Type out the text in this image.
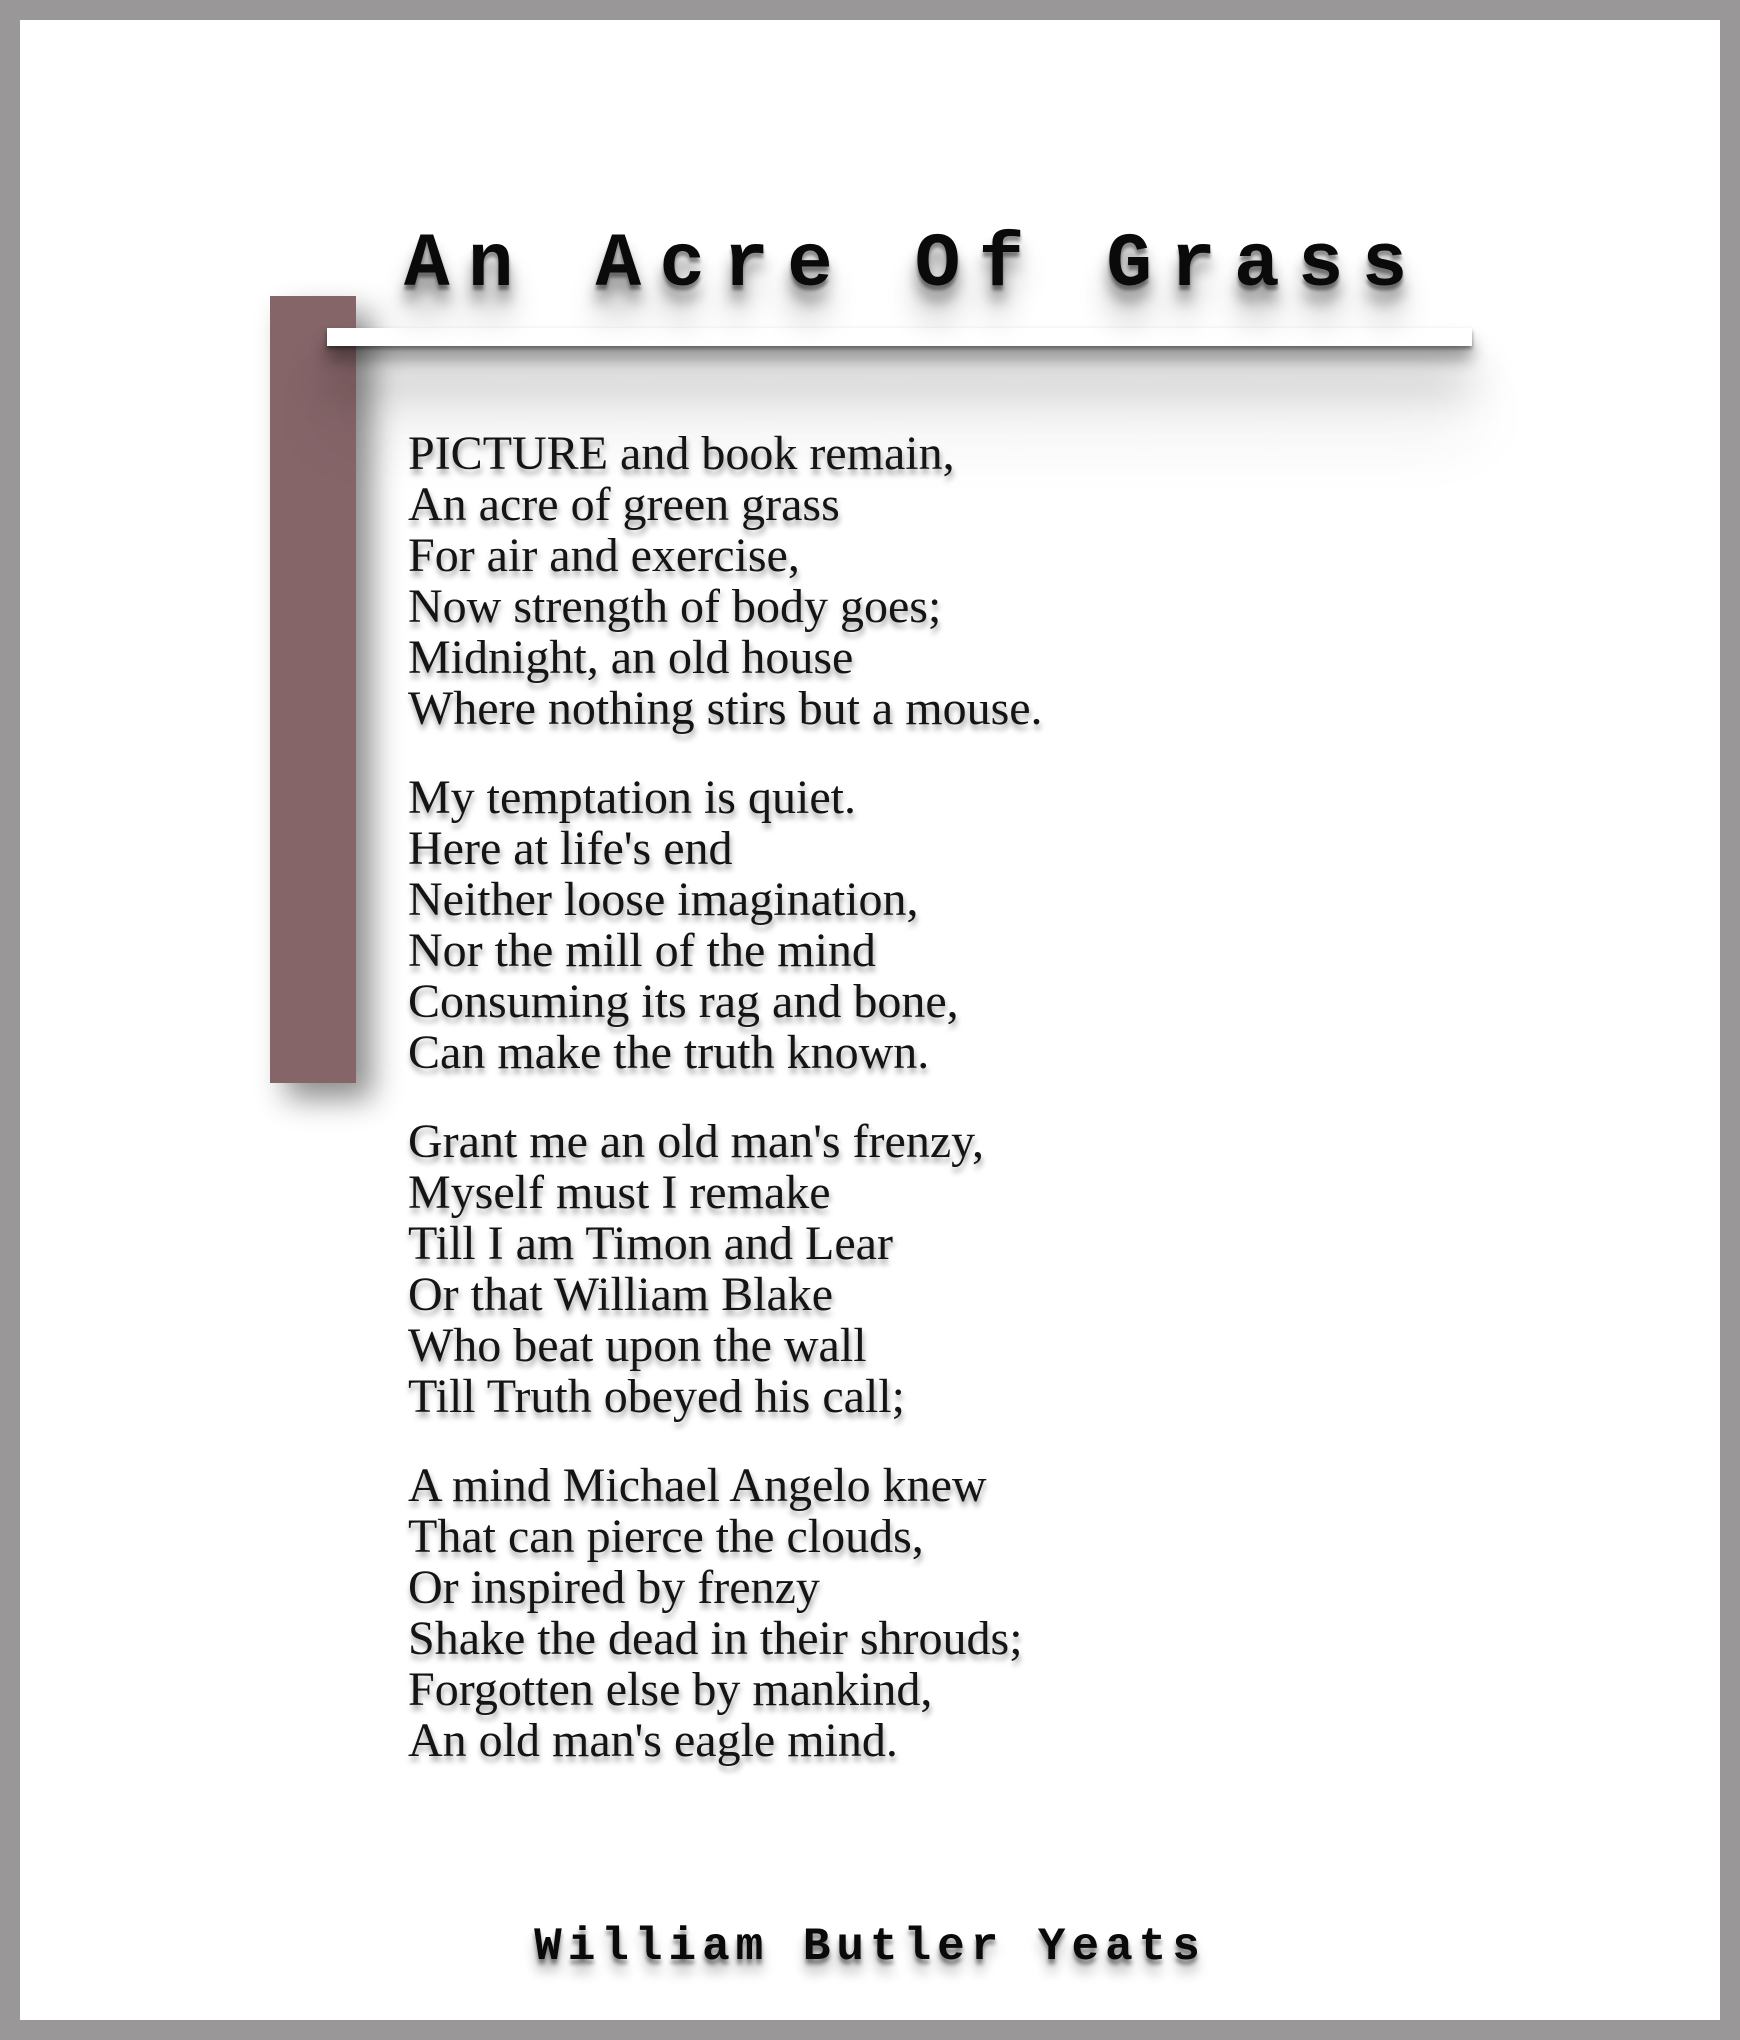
An Acre Of Grass

PICTURE and book remain,
An acre of green grass
For air and exercise,
Now strength of body goes;
Midnight, an old house
Where nothing stirs but a mouse.

My temptation is quiet.
Here at life's end
Neither loose imagination,
Nor the mill of the mind
Consuming its rag and bone,
Can make the truth known.

Grant me an old man's frenzy,
Myself must I remake
Till I am Timon and Lear
Or that William Blake
Who beat upon the wall
Till Truth obeyed his call;

A mind Michael Angelo knew
That can pierce the clouds,
Or inspired by frenzy
Shake the dead in their shrouds;
Forgotten else by mankind,
An old man's eagle mind.

William Butler Yeats
